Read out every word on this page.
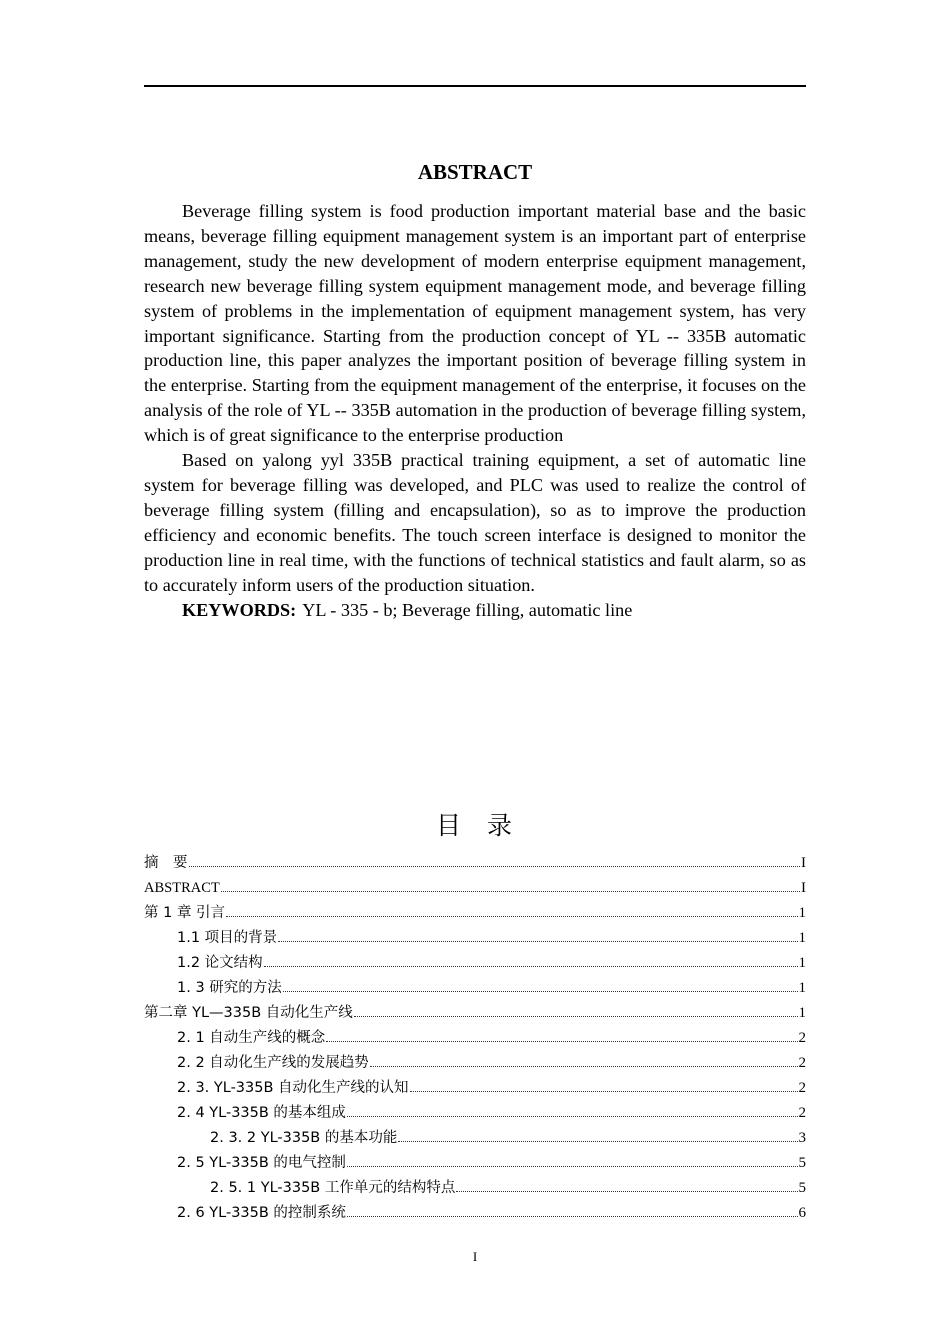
ABSTRACT

Beverage filling system is food production important material base and the basic means, beverage filling equipment management system is an important part of enterprise management, study the new development of modern enterprise equipment management, research new beverage filling system equipment management mode, and beverage filling system of problems in the implementation of equipment management system, has very important significance. Starting from the production concept of YL -- 335B automatic production line, this paper analyzes the important position of beverage filling system in the enterprise. Starting from the equipment management of the enterprise, it focuses on the analysis of the role of YL -- 335B automation in the production of beverage filling system, which is of great significance to the enterprise production

Based on yalong yyl 335B practical training equipment, a set of automatic line system for beverage filling was developed, and PLC was used to realize the control of beverage filling system (filling and encapsulation), so as to improve the production efficiency and economic benefits. The touch screen interface is designed to monitor the production line in real time, with the functions of technical statistics and fault alarm, so as to accurately inform users of the production situation.

KEYWORDS: YL - 335 - b; Beverage filling, automatic line

目 录
摘　要	I
ABSTRACT	I
第 1 章 引言	1
1.1 项目的背景	1
1.2 论文结构	1
1. 3 研究的方法	1
第二章 YL—335B 自动化生产线	1
2. 1 自动生产线的概念	2
2. 2 自动化生产线的发展趋势	2
2. 3. YL-335B 自动化生产线的认知	2
2. 4 YL-335B 的基本组成	2
2. 3. 2 YL-335B 的基本功能	3
2. 5 YL-335B 的电气控制	5
2. 5. 1 YL-335B 工作单元的结构特点	5
2. 6 YL-335B 的控制系统	6
I
